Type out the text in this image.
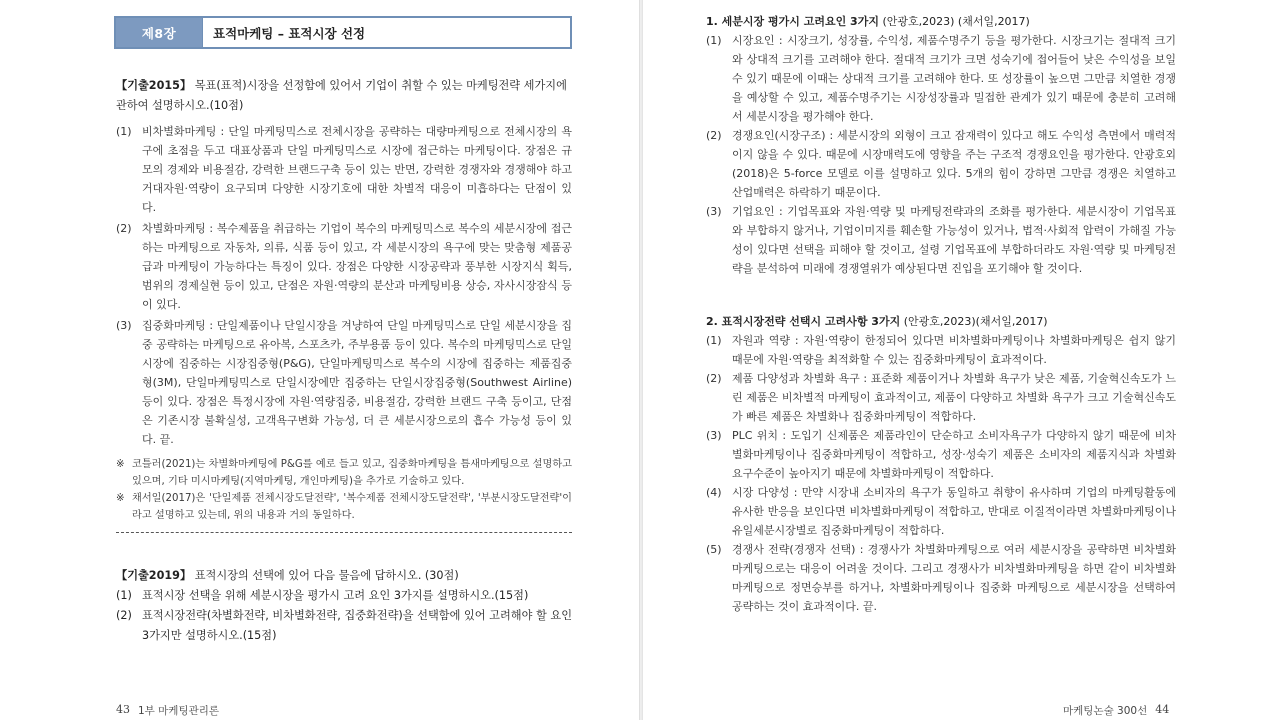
제8장	표적마케팅 – 표적시장 선정
【기출2015】 목표(표적)시장을 선정함에 있어서 기업이 취할 수 있는 마케팅전략 세가지에 관하여 설명하시오.(10점)
(1) 비차별화마케팅 : 단일 마케팅믹스로 전체시장을 공략하는 대량마케팅으로 전체시장의 욕구에 초점을 두고 대표상품과 단일 마케팅믹스로 시장에 접근하는 마케팅이다. 장점은 규모의 경제와 비용절감, 강력한 브랜드구축 등이 있는 반면, 강력한 경쟁자와 경쟁해야 하고 거대자원·역량이 요구되며 다양한 시장기호에 대한 차별적 대응이 미흡하다는 단점이 있다.
(2) 차별화마케팅 : 복수제품을 취급하는 기업이 복수의 마케팅믹스로 복수의 세분시장에 접근하는 마케팅으로 자동차, 의류, 식품 등이 있고, 각 세분시장의 욕구에 맞는 맞춤형 제품공급과 마케팅이 가능하다는 특징이 있다. 장점은 다양한 시장공략과 풍부한 시장지식 획득, 범위의 경제실현 등이 있고, 단점은 자원·역량의 분산과 마케팅비용 상승, 자사시장잠식 등이 있다.
(3) 집중화마케팅 : 단일제품이나 단일시장을 겨냥하여 단일 마케팅믹스로 단일 세분시장을 집중 공략하는 마케팅으로 유아복, 스포츠카, 주부용품 등이 있다. 복수의 마케팅믹스로 단일시장에 집중하는 시장집중형(P&G), 단일마케팅믹스로 복수의 시장에 집중하는 제품집중형(3M), 단일마케팅믹스로 단일시장에만 집중하는 단일시장집중형(Southwest Airline) 등이 있다. 장점은 특정시장에 자원·역량집중, 비용절감, 강력한 브랜드 구축 등이고, 단점은 기존시장 불확실성, 고객욕구변화 가능성, 더 큰 세분시장으로의 흡수 가능성 등이 있다. 끝.
※ 코틀러(2021)는 차별화마케팅에 P&G를 예로 들고 있고, 집중화마케팅을 틈새마케팅으로 설명하고 있으며, 기타 미시마케팅(지역마케팅, 개인마케팅)을 추가로 기술하고 있다.
※ 채서일(2017)은 '단일제품 전체시장도달전략', '복수제품 전체시장도달전략', '부분시장도달전략'이라고 설명하고 있는데, 위의 내용과 거의 동일하다.
【기출2019】 표적시장의 선택에 있어 다음 물음에 답하시오. (30점)
(1) 표적시장 선택을 위해 세분시장을 평가시 고려 요인 3가지를 설명하시오.(15점)
(2) 표적시장전략(차별화전략, 비차별화전략, 집중화전략)을 선택함에 있어 고려해야 할 요인 3가지만 설명하시오.(15점)
43 1부 마케팅관리론
1. 세분시장 평가시 고려요인 3가지 (안광호,2023) (채서일,2017)
(1) 시장요인 : 시장크기, 성장률, 수익성, 제품수명주기 등을 평가한다. 시장크기는 절대적 크기와 상대적 크기를 고려해야 한다. 절대적 크기가 크면 성숙기에 접어들어 낮은 수익성을 보일 수 있기 때문에 이때는 상대적 크기를 고려해야 한다. 또 성장률이 높으면 그만큼 치열한 경쟁을 예상할 수 있고, 제품수명주기는 시장성장률과 밀접한 관계가 있기 때문에 충분히 고려해서 세분시장을 평가해야 한다.
(2) 경쟁요인(시장구조) : 세분시장의 외형이 크고 잠재력이 있다고 해도 수익성 측면에서 매력적이지 않을 수 있다. 때문에 시장매력도에 영향을 주는 구조적 경쟁요인을 평가한다. 안광호외(2018)은 5-force 모델로 이를 설명하고 있다. 5개의 힘이 강하면 그만큼 경쟁은 치열하고 산업매력은 하락하기 때문이다.
(3) 기업요인 : 기업목표와 자원·역량 및 마케팅전략과의 조화를 평가한다. 세분시장이 기업목표와 부합하지 않거나, 기업이미지를 훼손할 가능성이 있거나, 법적·사회적 압력이 가해질 가능성이 있다면 선택을 피해야 할 것이고, 설령 기업목표에 부합하더라도 자원·역량 및 마케팅전략을 분석하여 미래에 경쟁열위가 예상된다면 진입을 포기해야 할 것이다.
2. 표적시장전략 선택시 고려사항 3가지 (안광호,2023)(채서일,2017)
(1) 자원과 역량 : 자원·역량이 한정되어 있다면 비차별화마케팅이나 차별화마케팅은 쉽지 않기 때문에 자원·역량을 최적화할 수 있는 집중화마케팅이 효과적이다.
(2) 제품 다양성과 차별화 욕구 : 표준화 제품이거나 차별화 욕구가 낮은 제품, 기술혁신속도가 느린 제품은 비차별적 마케팅이 효과적이고, 제품이 다양하고 차별화 욕구가 크고 기술혁신속도가 빠른 제품은 차별화나 집중화마케팅이 적합하다.
(3) PLC 위치 : 도입기 신제품은 제품라인이 단순하고 소비자욕구가 다양하지 않기 때문에 비차별화마케팅이나 집중화마케팅이 적합하고, 성장·성숙기 제품은 소비자의 제품지식과 차별화 요구수준이 높아지기 때문에 차별화마케팅이 적합하다.
(4) 시장 다양성 : 만약 시장내 소비자의 욕구가 동일하고 취향이 유사하며 기업의 마케팅활동에 유사한 반응을 보인다면 비차별화마케팅이 적합하고, 반대로 이질적이라면 차별화마케팅이나 유일세분시장별로 집중화마케팅이 적합하다.
(5) 경쟁사 전략(경쟁자 선택) : 경쟁사가 차별화마케팅으로 여러 세분시장을 공략하면 비차별화마케팅으로는 대응이 어려울 것이다. 그리고 경쟁사가 비차별화마케팅을 하면 같이 비차별화마케팅으로 정면승부를 하거나, 차별화마케팅이나 집중화 마케팅으로 세분시장을 선택하여 공략하는 것이 효과적이다. 끝.
마케팅논술 300선 44
